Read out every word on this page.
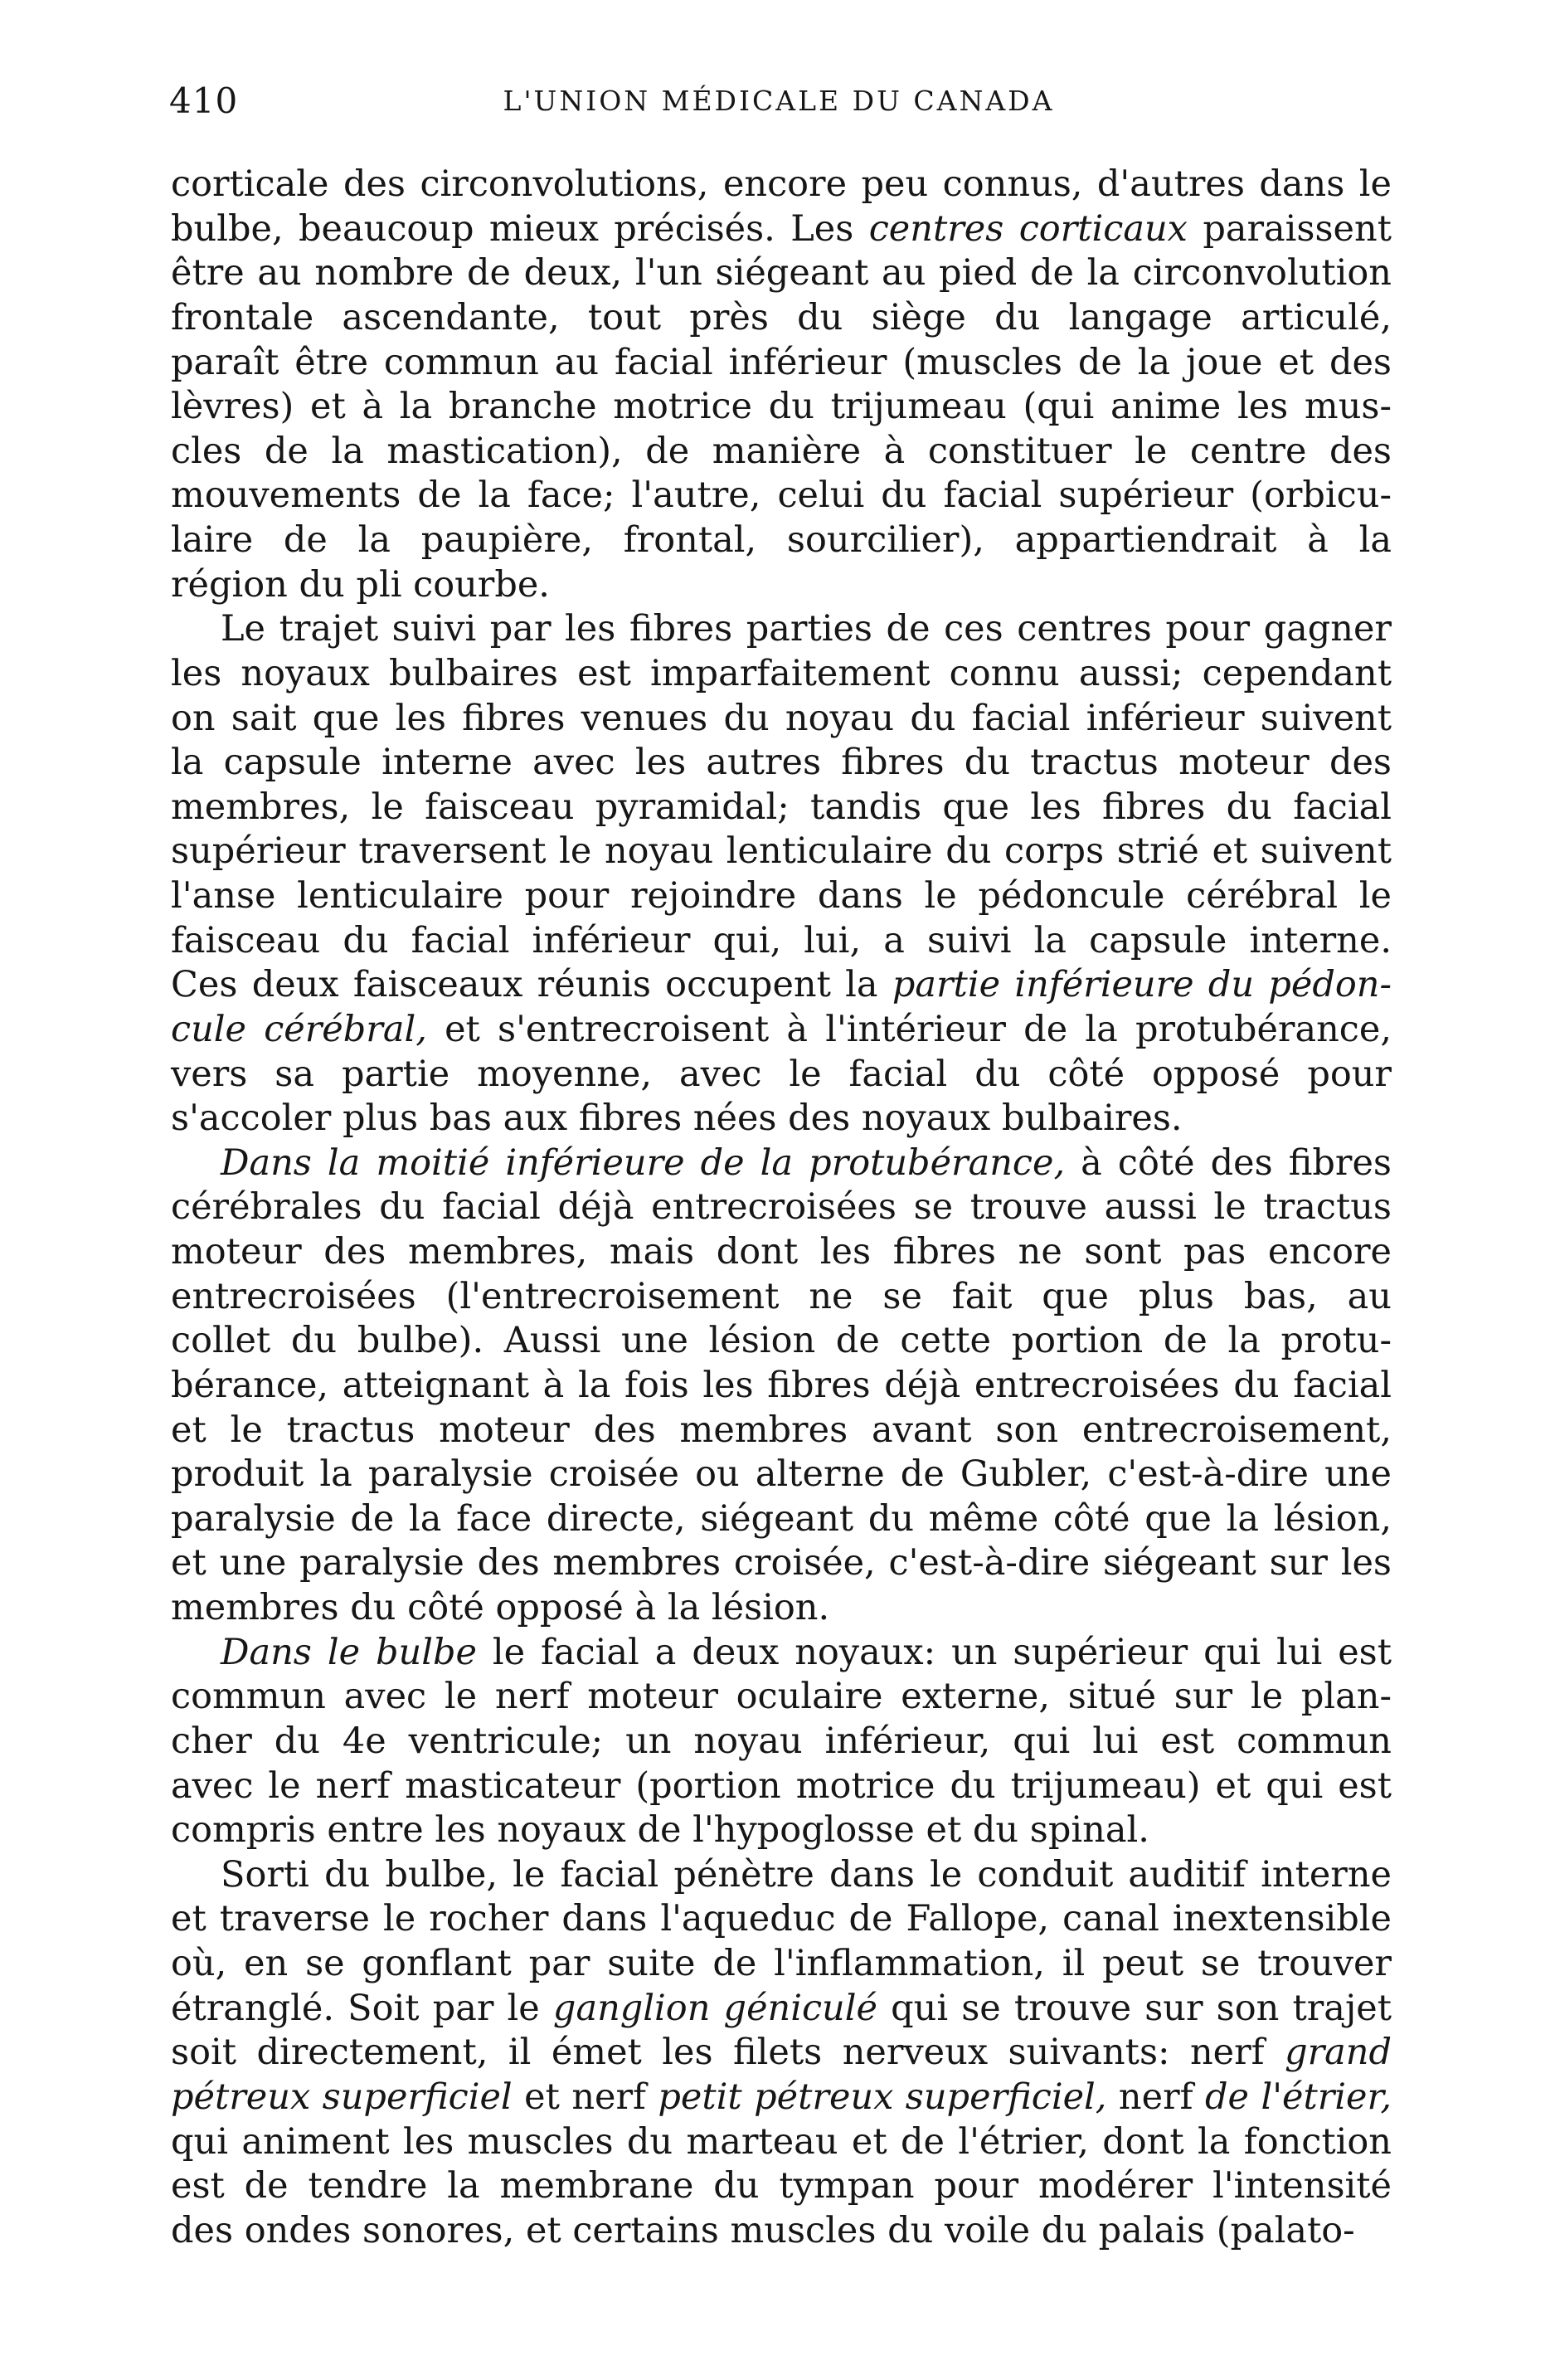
410	L'UNION MÉDICALE DU CANADA
corticale des circonvolutions, encore peu connus, d'autres dans le
bulbe, beaucoup mieux précisés. Les centres corticaux paraissent
être au nombre de deux, l'un siégeant au pied de la circonvolution
frontale ascendante, tout près du siège du langage articulé,
paraît être commun au facial inférieur (muscles de la joue et des
lèvres) et à la branche motrice du trijumeau (qui anime les mus-
cles de la mastication), de manière à constituer le centre des
mouvements de la face; l'autre, celui du facial supérieur (orbicu-
laire de la paupière, frontal, sourcilier), appartiendrait à la
région du pli courbe.
Le trajet suivi par les fibres parties de ces centres pour gagner
les noyaux bulbaires est imparfaitement connu aussi; cependant
on sait que les fibres venues du noyau du facial inférieur suivent
la capsule interne avec les autres fibres du tractus moteur des
membres, le faisceau pyramidal; tandis que les fibres du facial
supérieur traversent le noyau lenticulaire du corps strié et suivent
l'anse lenticulaire pour rejoindre dans le pédoncule cérébral le
faisceau du facial inférieur qui, lui, a suivi la capsule interne.
Ces deux faisceaux réunis occupent la partie inférieure du pédon-
cule cérébral, et s'entrecroisent à l'intérieur de la protubérance,
vers sa partie moyenne, avec le facial du côté opposé pour
s'accoler plus bas aux fibres nées des noyaux bulbaires.
Dans la moitié inférieure de la protubérance, à côté des fibres
cérébrales du facial déjà entrecroisées se trouve aussi le tractus
moteur des membres, mais dont les fibres ne sont pas encore
entrecroisées (l'entrecroisement ne se fait que plus bas, au
collet du bulbe). Aussi une lésion de cette portion de la protu-
bérance, atteignant à la fois les fibres déjà entrecroisées du facial
et le tractus moteur des membres avant son entrecroisement,
produit la paralysie croisée ou alterne de Gubler, c'est-à-dire une
paralysie de la face directe, siégeant du même côté que la lésion,
et une paralysie des membres croisée, c'est-à-dire siégeant sur les
membres du côté opposé à la lésion.
Dans le bulbe le facial a deux noyaux: un supérieur qui lui est
commun avec le nerf moteur oculaire externe, situé sur le plan-
cher du 4e ventricule; un noyau inférieur, qui lui est commun
avec le nerf masticateur (portion motrice du trijumeau) et qui est
compris entre les noyaux de l'hypoglosse et du spinal.
Sorti du bulbe, le facial pénètre dans le conduit auditif interne
et traverse le rocher dans l'aqueduc de Fallope, canal inextensible
où, en se gonflant par suite de l'inflammation, il peut se trouver
étranglé. Soit par le ganglion géniculé qui se trouve sur son trajet
soit directement, il émet les filets nerveux suivants: nerf grand
pétreux superficiel et nerf petit pétreux superficiel, nerf de l'étrier,
qui animent les muscles du marteau et de l'étrier, dont la fonction
est de tendre la membrane du tympan pour modérer l'intensité
des ondes sonores, et certains muscles du voile du palais (palato-
